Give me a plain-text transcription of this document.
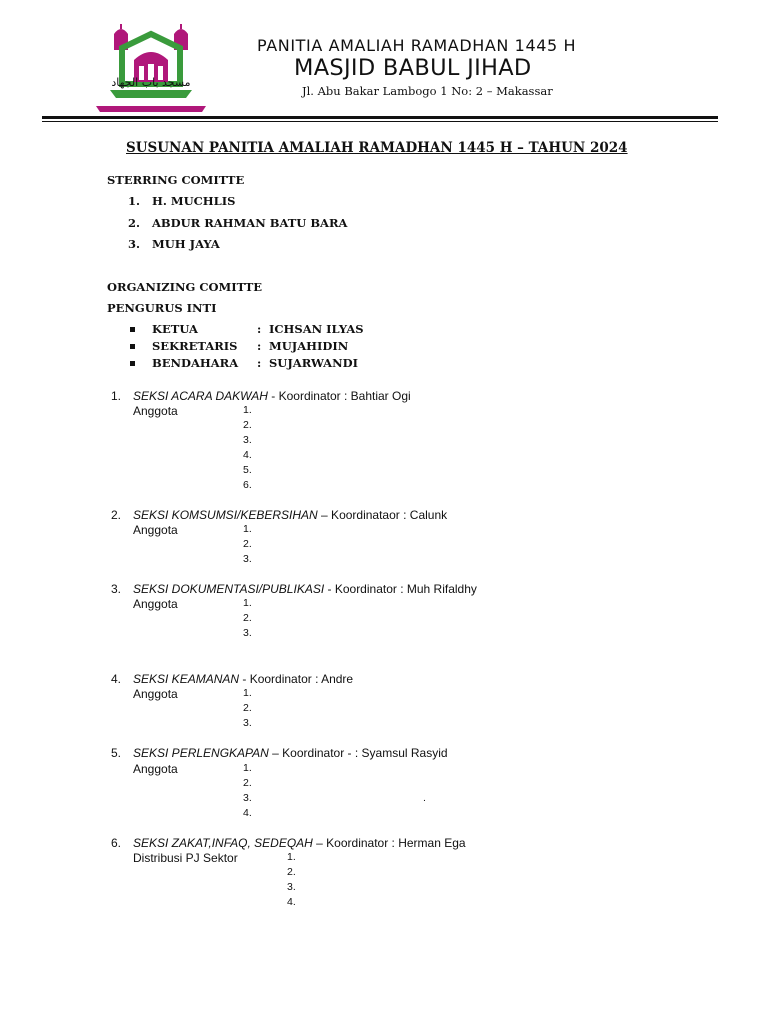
مسجد باب الجهاد
PANITIA AMALIAH RAMADHAN 1445 H
MASJID BABUL JIHAD
Jl. Abu Bakar Lambogo 1 No: 2 – Makassar
SUSUNAN PANITIA AMALIAH RAMADHAN 1445 H – TAHUN 2024
STERRING COMITTE
1. H. MUCHLIS
2. ABDUR RAHMAN BATU BARA
3. MUH JAYA
ORGANIZING COMITTE
PENGURUS INTI
KETUA	: ICHSAN ILYAS
SEKRETARIS : MUJAHIDIN
BENDAHARA : SUJARWANDI
1. SEKSI ACARA DAKWAH - Koordinator : Bahtiar Ogi
Anggota	1.
2.
3.
4.
5.
6.
2. SEKSI KOMSUMSI/KEBERSIHAN – Koordinataor : Calunk
Anggota	1.
2.
3.
3. SEKSI DOKUMENTASI/PUBLIKASI - Koordinator : Muh Rifaldhy
Anggota	1.
2.
3.
4. SEKSI KEAMANAN - Koordinator : Andre
Anggota	1.
2.
3.
5. SEKSI PERLENGKAPAN – Koordinator - : Syamsul Rasyid
Anggota	1.
2.
3.	.
4.
6. SEKSI ZAKAT,INFAQ, SEDEQAH – Koordinator : Herman Ega
Distribusi PJ Sektor	1.
2.
3.
4.
